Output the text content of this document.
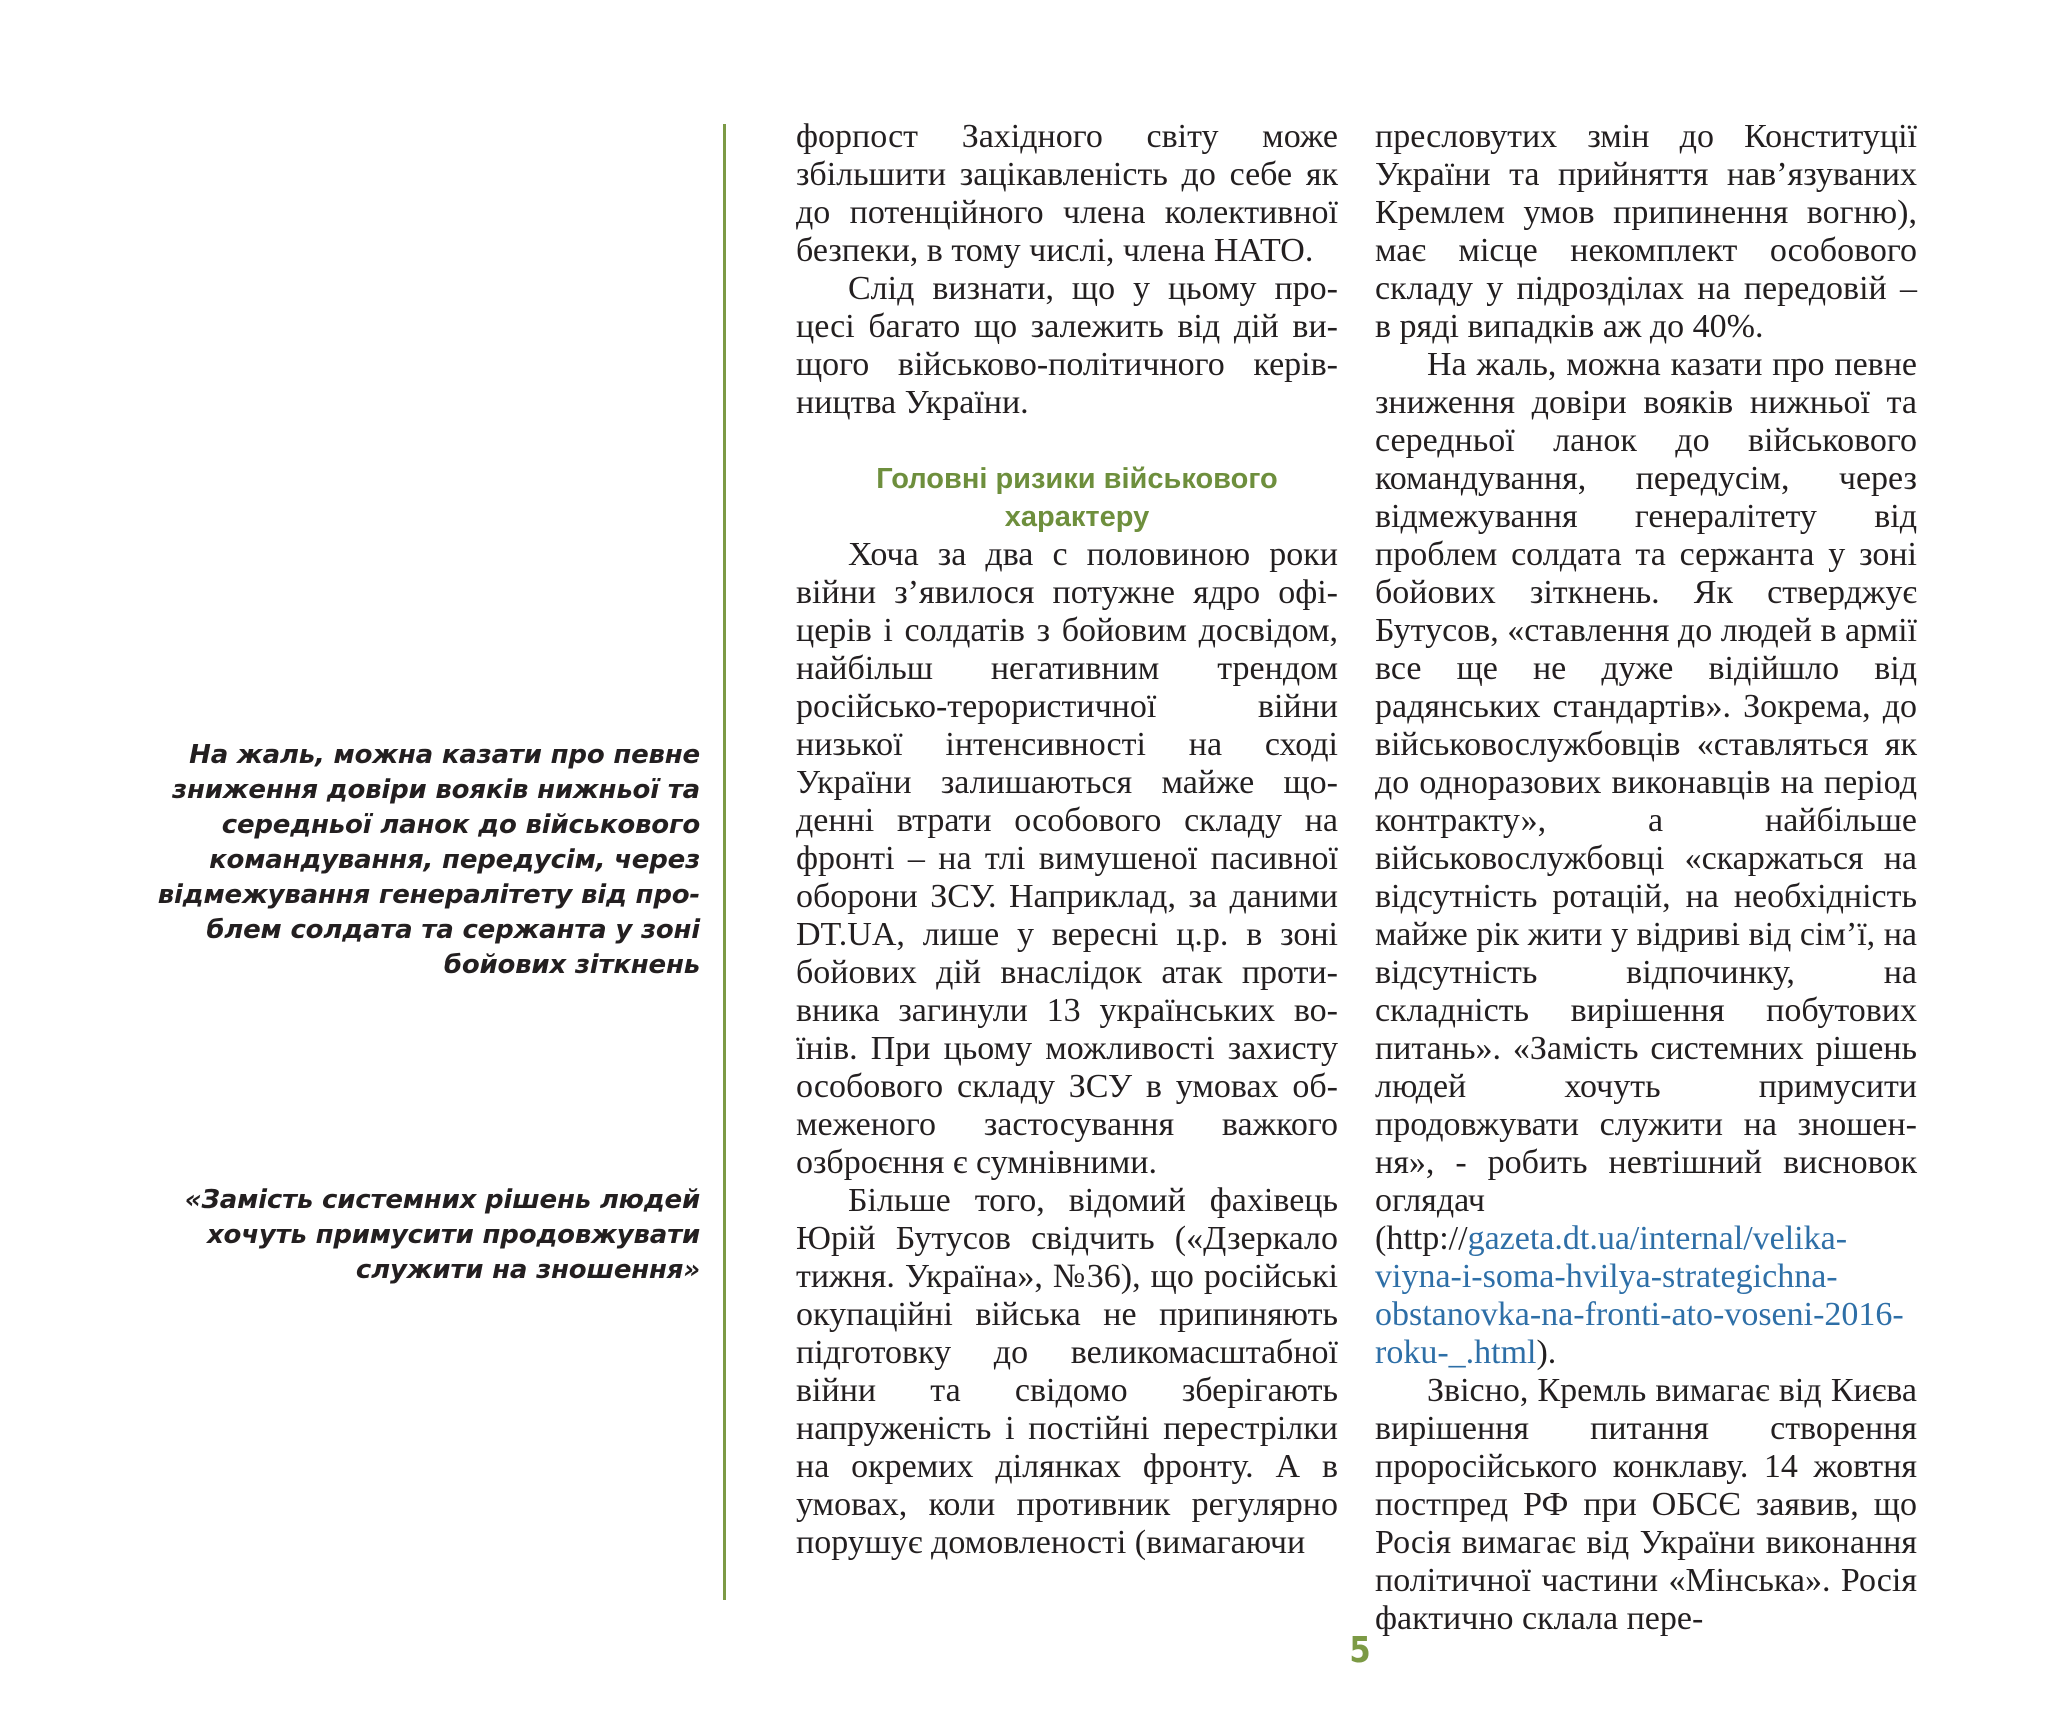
На жаль, можна казати про певне
зниження довіри вояків нижньої та
середньої ланок до військового
командування, передусім, через
відмежування генералітету від про-
блем солдата та сержанта у зоні
бойових зіткнень

«Замість системних рішень людей
хочуть примусити продовжувати
служити на зношення»

форпост Західного світу може збільшити зацікавленість до себе як до потенційного члена колективної безпеки, в тому числі, члена НАТО.

Слід визнати, що у цьому процесі багато що залежить від дій вищого військово-політичного керівництва України.

Головні ризики військового характеру

Хоча за два с половиною роки війни з’явилося потужне ядро офіцерів і солдатів з бойовим досвідом, найбільш негативним трендом російсько-терористичної війни низької інтенсивності на сході України залишаються майже щоденні втрати особового складу на фронті – на тлі вимушеної пасивної оборони ЗСУ. Наприклад, за даними DT.UA, лише у вересні ц.р. в зоні бойових дій внаслідок атак противника загинули 13 українських воїнів. При цьому можливості захисту особового складу ЗСУ в умовах обмеженого застосування важкого озброєння є сумнівними.

Більше того, відомий фахівець Юрій Бутусов свідчить («Дзеркало тижня. Україна», №36), що російські окупаційні війська не припиняють підготовку до великомасштабної війни та свідомо зберігають напруженість і постійні перестрілки на окремих ділянках фронту. А в умовах, коли противник регулярно порушує домовленості (вимагаючи

пресловутих змін до Конституції України та прийняття нав’язуваних Кремлем умов припинення вогню), має місце некомплект особового складу у підрозділах на передовій – в ряді випадків аж до 40%.

На жаль, можна казати про певне зниження довіри вояків нижньої та середньої ланок до військового командування, передусім, через відмежування генералітету від проблем солдата та сержанта у зоні бойових зіткнень. Як стверджує Бутусов, «ставлення до людей в армії все ще не дуже відійшло від радянських стандартів». Зокрема, до військовослужбовців «ставляться як до одноразових виконавців на період контракту», а найбільше військовослужбовці «скаржаться на відсутність ротацій, на необхідність майже рік жити у відриві від сім’ї, на відсутність відпочинку, на складність вирішення побутових питань». «Замість системних рішень людей хочуть примусити продовжувати служити на зношення», - робить невтішний висновок оглядач (http://gazeta.dt.ua/internal/velika-viyna-i-soma-hvilya-strategichna-obstanovka-na-fronti-ato-voseni-2016-roku-_.html).

Звісно, Кремль вимагає від Києва вирішення питання створення проросійського конклаву. 14 жовтня постпред РФ при ОБСЄ заявив, що Росія вимагає від України виконання політичної частини «Мінська». Росія фактично склала пере-

5
